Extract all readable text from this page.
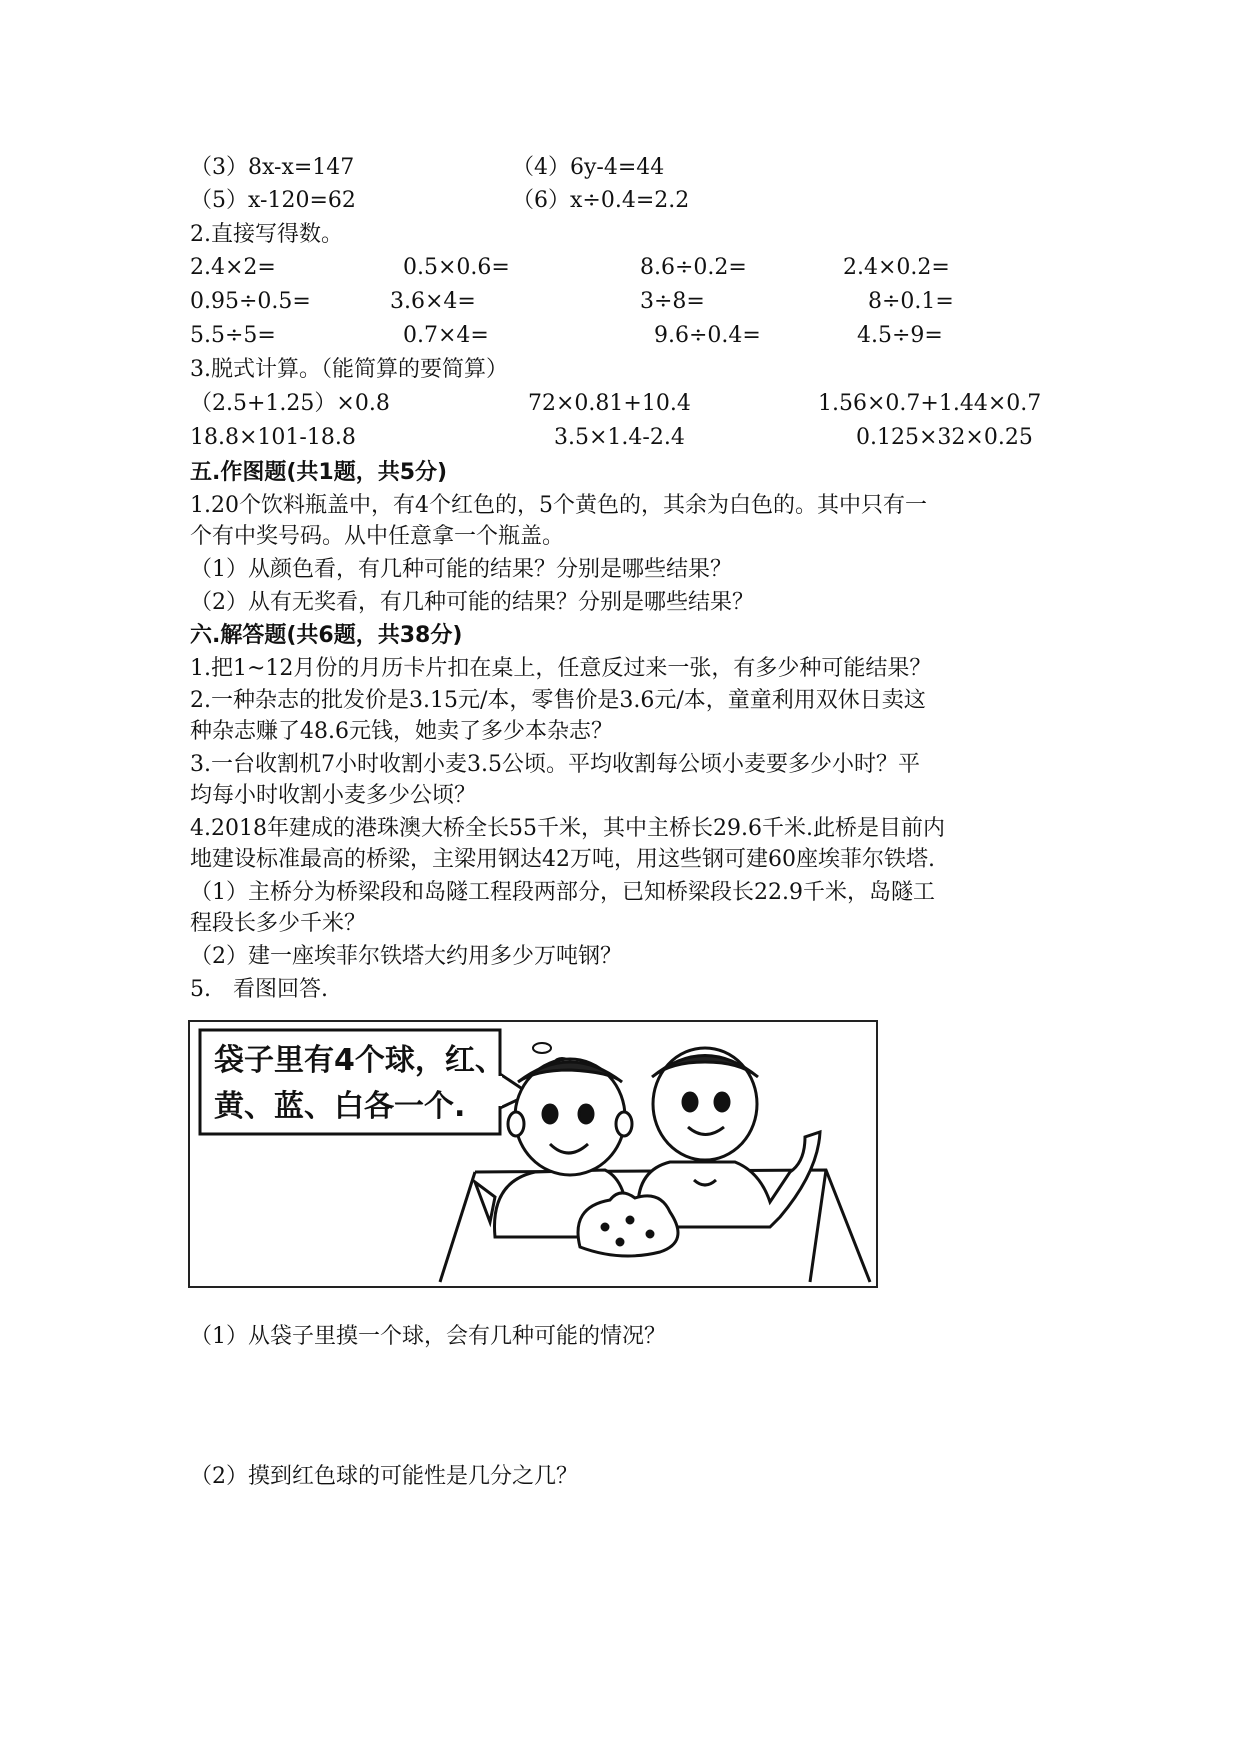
（3）8x-x=147	（4）6y-4=44
（5）x-120=62	（6）x÷0.4=2.2
2.直接写得数。
2.4×2=	0.5×0.6=	8.6÷0.2=	2.4×0.2=
0.95÷0.5=	3.6×4=	3÷8=	8÷0.1=
5.5÷5=	0.7×4=	9.6÷0.4=	4.5÷9=
3.脱式计算。（能简算的要简算）
（2.5+1.25）×0.8	72×0.81+10.4	1.56×0.7+1.44×0.7
18.8×101-18.8	3.5×1.4-2.4	0.125×32×0.25
五.作图题(共1题，共5分)
1.20个饮料瓶盖中，有4个红色的，5个黄色的，其余为白色的。其中只有一
个有中奖号码。从中任意拿一个瓶盖。
（1）从颜色看，有几种可能的结果？分别是哪些结果？
（2）从有无奖看，有几种可能的结果？分别是哪些结果？
六.解答题(共6题，共38分)
1.把1~12月份的月历卡片扣在桌上，任意反过来一张，有多少种可能结果？
2.一种杂志的批发价是3.15元/本，零售价是3.6元/本，童童利用双休日卖这
种杂志赚了48.6元钱，她卖了多少本杂志？
3.一台收割机7小时收割小麦3.5公顷。平均收割每公顷小麦要多少小时？平
均每小时收割小麦多少公顷？
4.2018年建成的港珠澳大桥全长55千米，其中主桥长29.6千米.此桥是目前内
地建设标准最高的桥梁，主梁用钢达42万吨，用这些钢可建60座埃菲尔铁塔.
（1）主桥分为桥梁段和岛隧工程段两部分，已知桥梁段长22.9千米，岛隧工
程段长多少千米？
（2）建一座埃菲尔铁塔大约用多少万吨钢？
5.　看图回答.
袋子里有4个球，红、
黄、蓝、白各一个.
（1）从袋子里摸一个球，会有几种可能的情况？
（2）摸到红色球的可能性是几分之几？
